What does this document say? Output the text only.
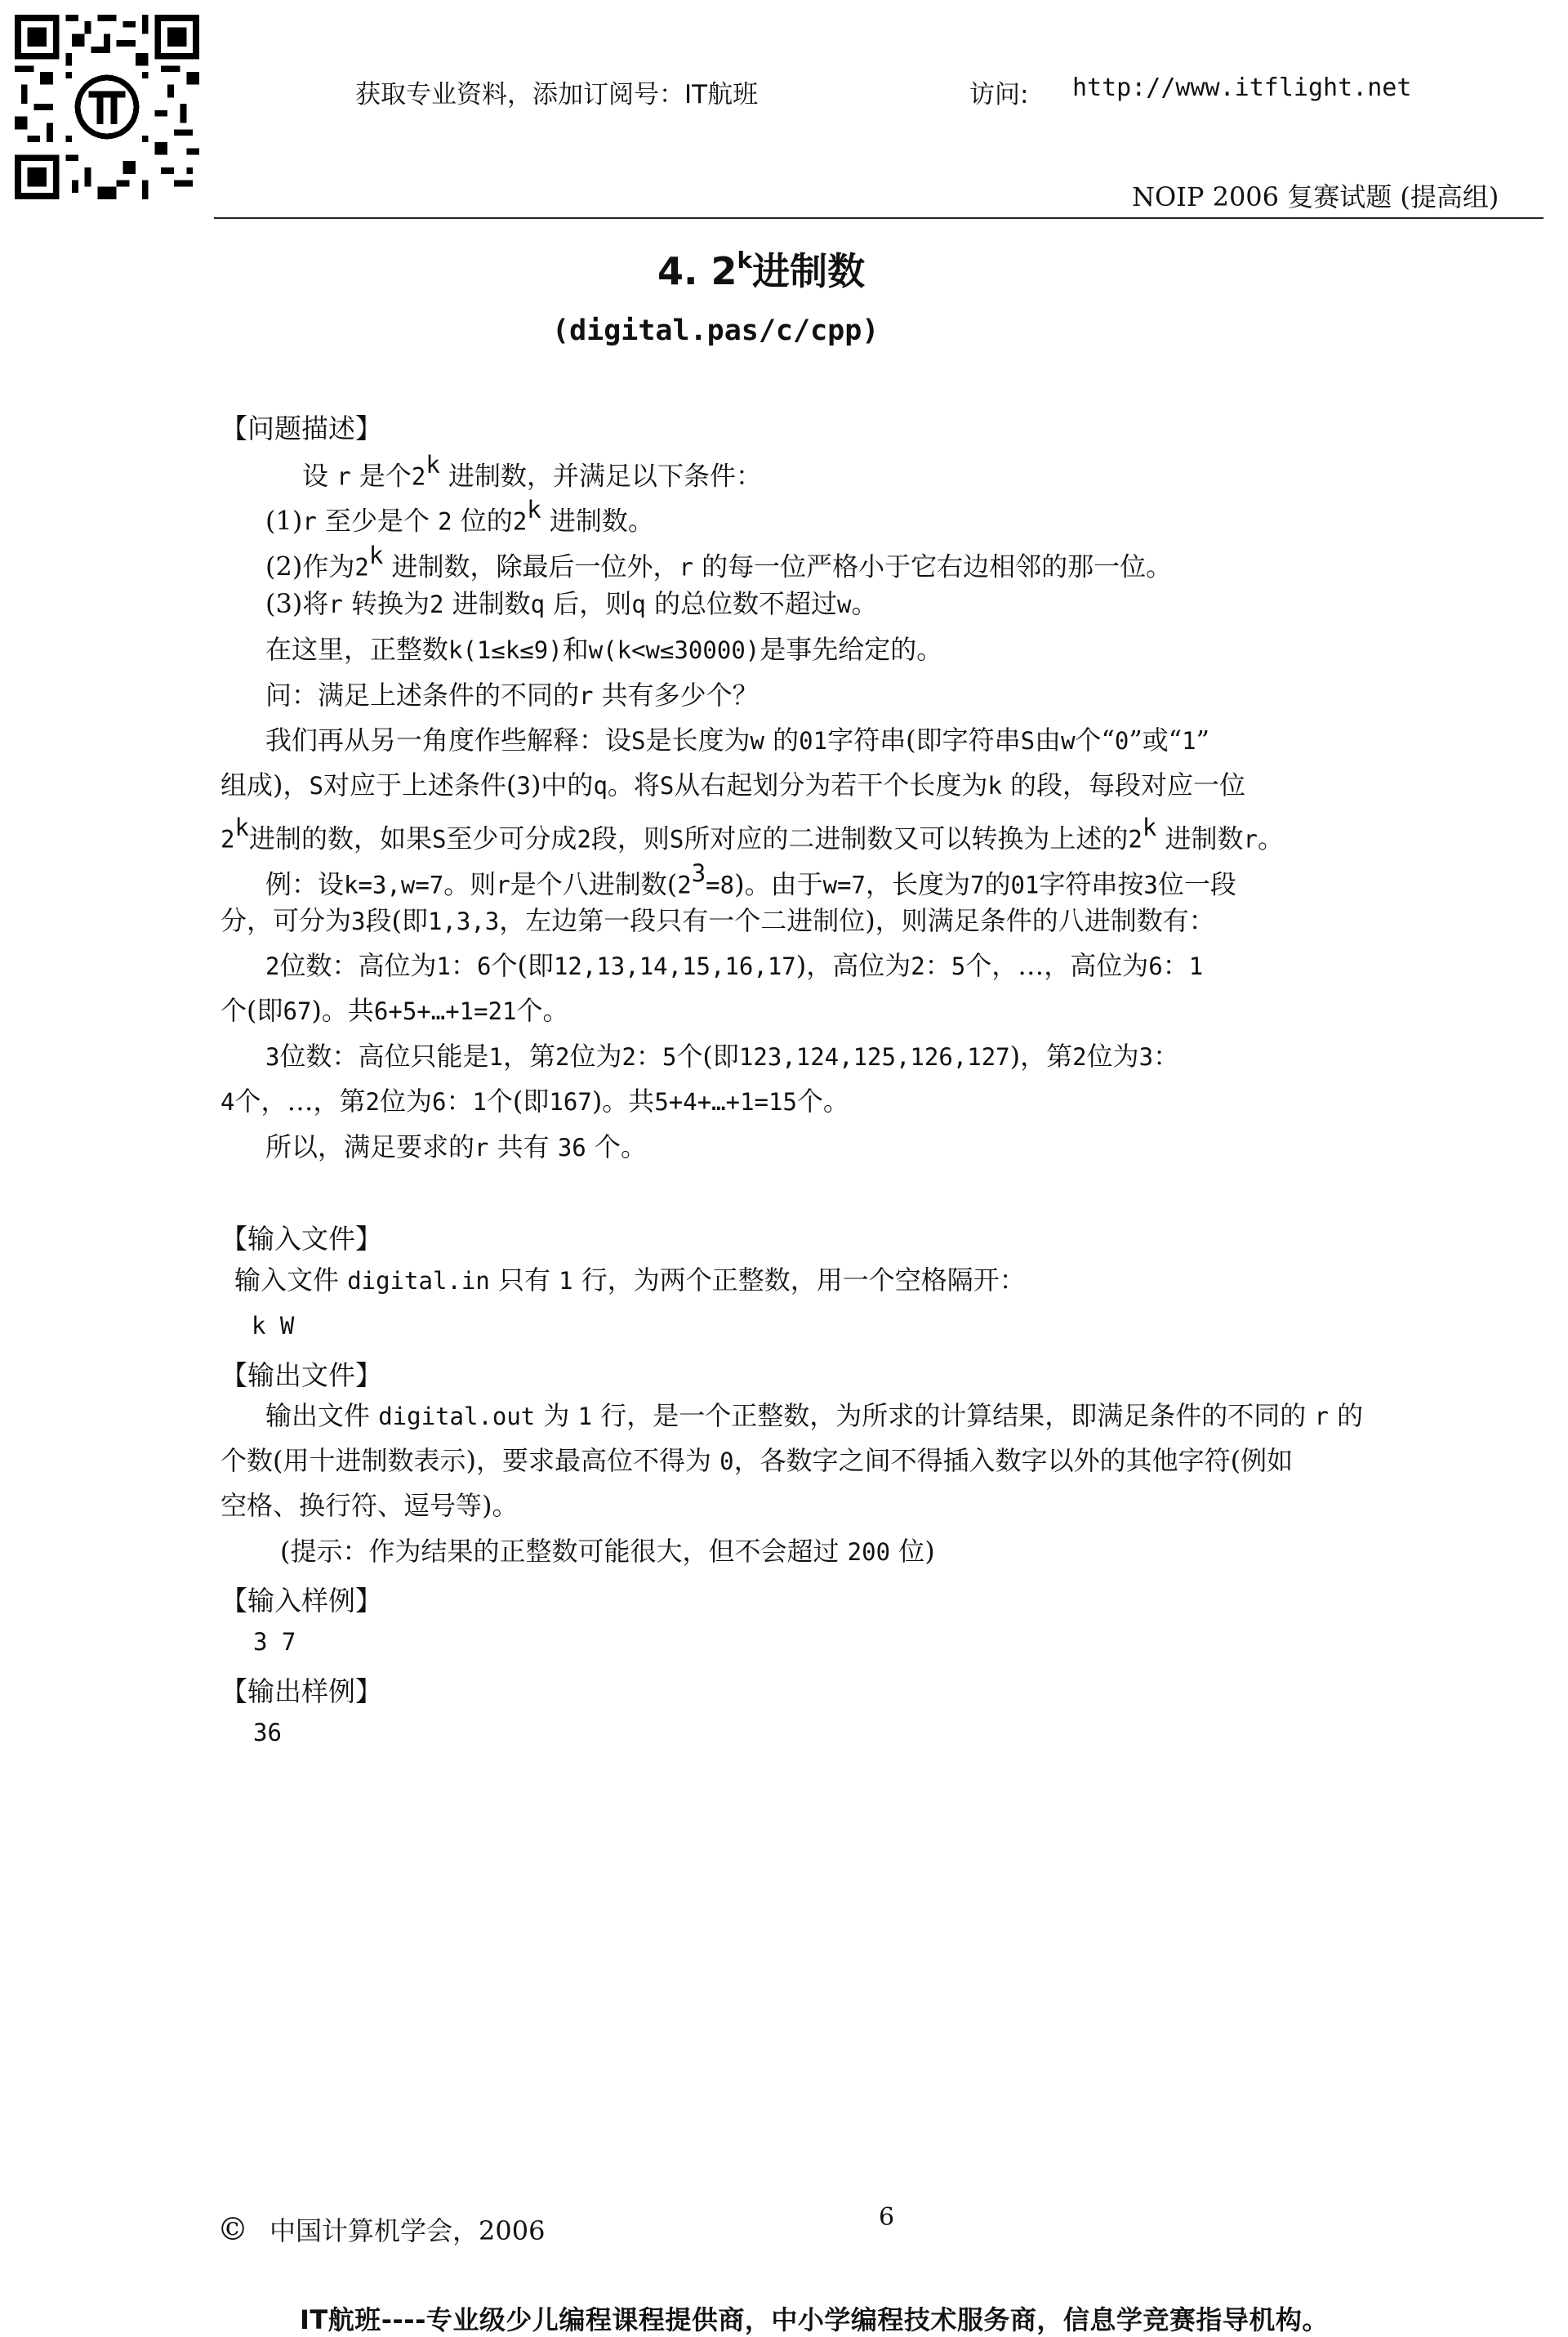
获取专业资料，添加订阅号：IT航班	访问: http://www.itflight.net
NOIP 2006 复赛试题 (提高组)
4. 2$^k$进制数
(digital.pas/c/cpp)
【问题描述】
设 r 是个2$^k$ 进制数，并满足以下条件：
(1)r 至少是个 2 位的2$^k$ 进制数。
(2)作为2$^k$ 进制数，除最后一位外，r 的每一位严格小于它右边相邻的那一位。
(3)将r 转换为2 进制数q 后，则q 的总位数不超过w。
在这里，正整数k(1≤k≤9)和w(k<w≤30000)是事先给定的。
问：满足上述条件的不同的r 共有多少个？
我们再从另一角度作些解释：设S是长度为w 的01字符串(即字符串S由w个“0”或“1”
组成)，S对应于上述条件(3)中的q。将S从右起划分为若干个长度为k 的段，每段对应一位
2$^k$进制的数，如果S至少可分成2段，则S所对应的二进制数又可以转换为上述的2$^k$ 进制数r。
例：设k=3,w=7。则r是个八进制数$(2^3=8)$。由于w=7，长度为7的01字符串按3位一段
分，可分为3段(即1,3,3，左边第一段只有一个二进制位)，则满足条件的八进制数有：
2位数：高位为1：6个(即12,13,14,15,16,17)，高位为2：5个，…，高位为6：1
个(即67)。共6+5+…+1=21个。
3位数：高位只能是1，第2位为2：5个(即123,124,125,126,127)，第2位为3：
4个，…，第2位为6：1个(即167)。共5+4+…+1=15个。
所以，满足要求的r 共有 36 个。
【输入文件】
输入文件 digital.in 只有 1 行，为两个正整数，用一个空格隔开：
k W
【输出文件】
输出文件 digital.out 为 1 行，是一个正整数，为所求的计算结果，即满足条件的不同的 r 的
个数(用十进制数表示)，要求最高位不得为 0，各数字之间不得插入数字以外的其他字符(例如
空格、换行符、逗号等)。
(提示：作为结果的正整数可能很大，但不会超过 200 位)
【输入样例】
3 7
【输出样例】
36
6
© 中国计算机学会，2006
IT航班----专业级少儿编程课程提供商，中小学编程技术服务商，信息学竞赛指导机构。
